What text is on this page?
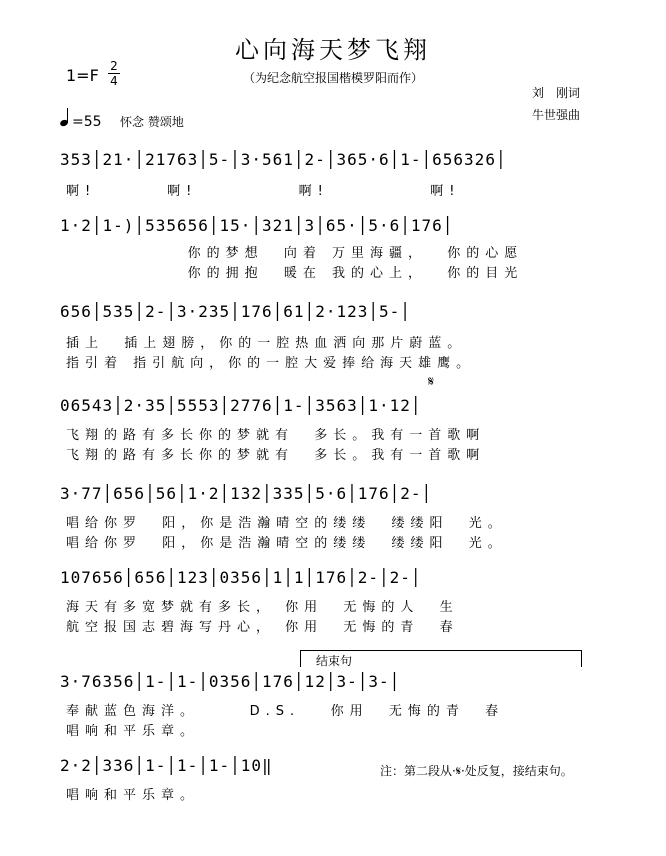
心向海天梦飞翔
（为纪念航空报国楷模罗阳而作）
1=F 2
4
刘　刚词
牛世强曲
=55 怀念 赞颂地
353│21·│21763│5-│3·561│2-│365·6│1-│656326│
啊!       啊!          啊!          啊!
1·2│1-)│535656│15·│321│3│65·│5·6│176│
你的梦想  向着 万里海疆，  你的心愿
你的拥抱  暖在 我的心上，  你的目光
656│535│2-│3·235│176│61│2·123│5-│
插上  插上翅膀，你的一腔热血洒向那片蔚蓝。
指引着 指引航向，你的一腔大爱捧给海天雄鹰。
𝄋
06543│2·35│5553│2776│1-│3563│1·12│
飞翔的路有多长你的梦就有  多长。我有一首歌啊
飞翔的路有多长你的梦就有  多长。我有一首歌啊
3·77│656│56│1·2│132│335│5·6│176│2-│
唱给你罗  阳，你是浩瀚晴空的缕缕  缕缕阳  光。
唱给你罗  阳，你是浩瀚晴空的缕缕  缕缕阳  光。
107656│656│123│0356│1│1│176│2-│2-│
海天有多宽梦就有多长， 你用  无悔的人  生
航空报国志碧海写丹心， 你用  无悔的青  春
结束句
3·76356│1-│1-│0356│176│12│3-│3-│
奉献蓝色海洋。     D.S.   你用  无悔的青  春
唱响和平乐章。
2·2│336│1-│1-│1-│10‖
唱响和平乐章。
注：第二段从·𝄋·处反复，接结束句。
